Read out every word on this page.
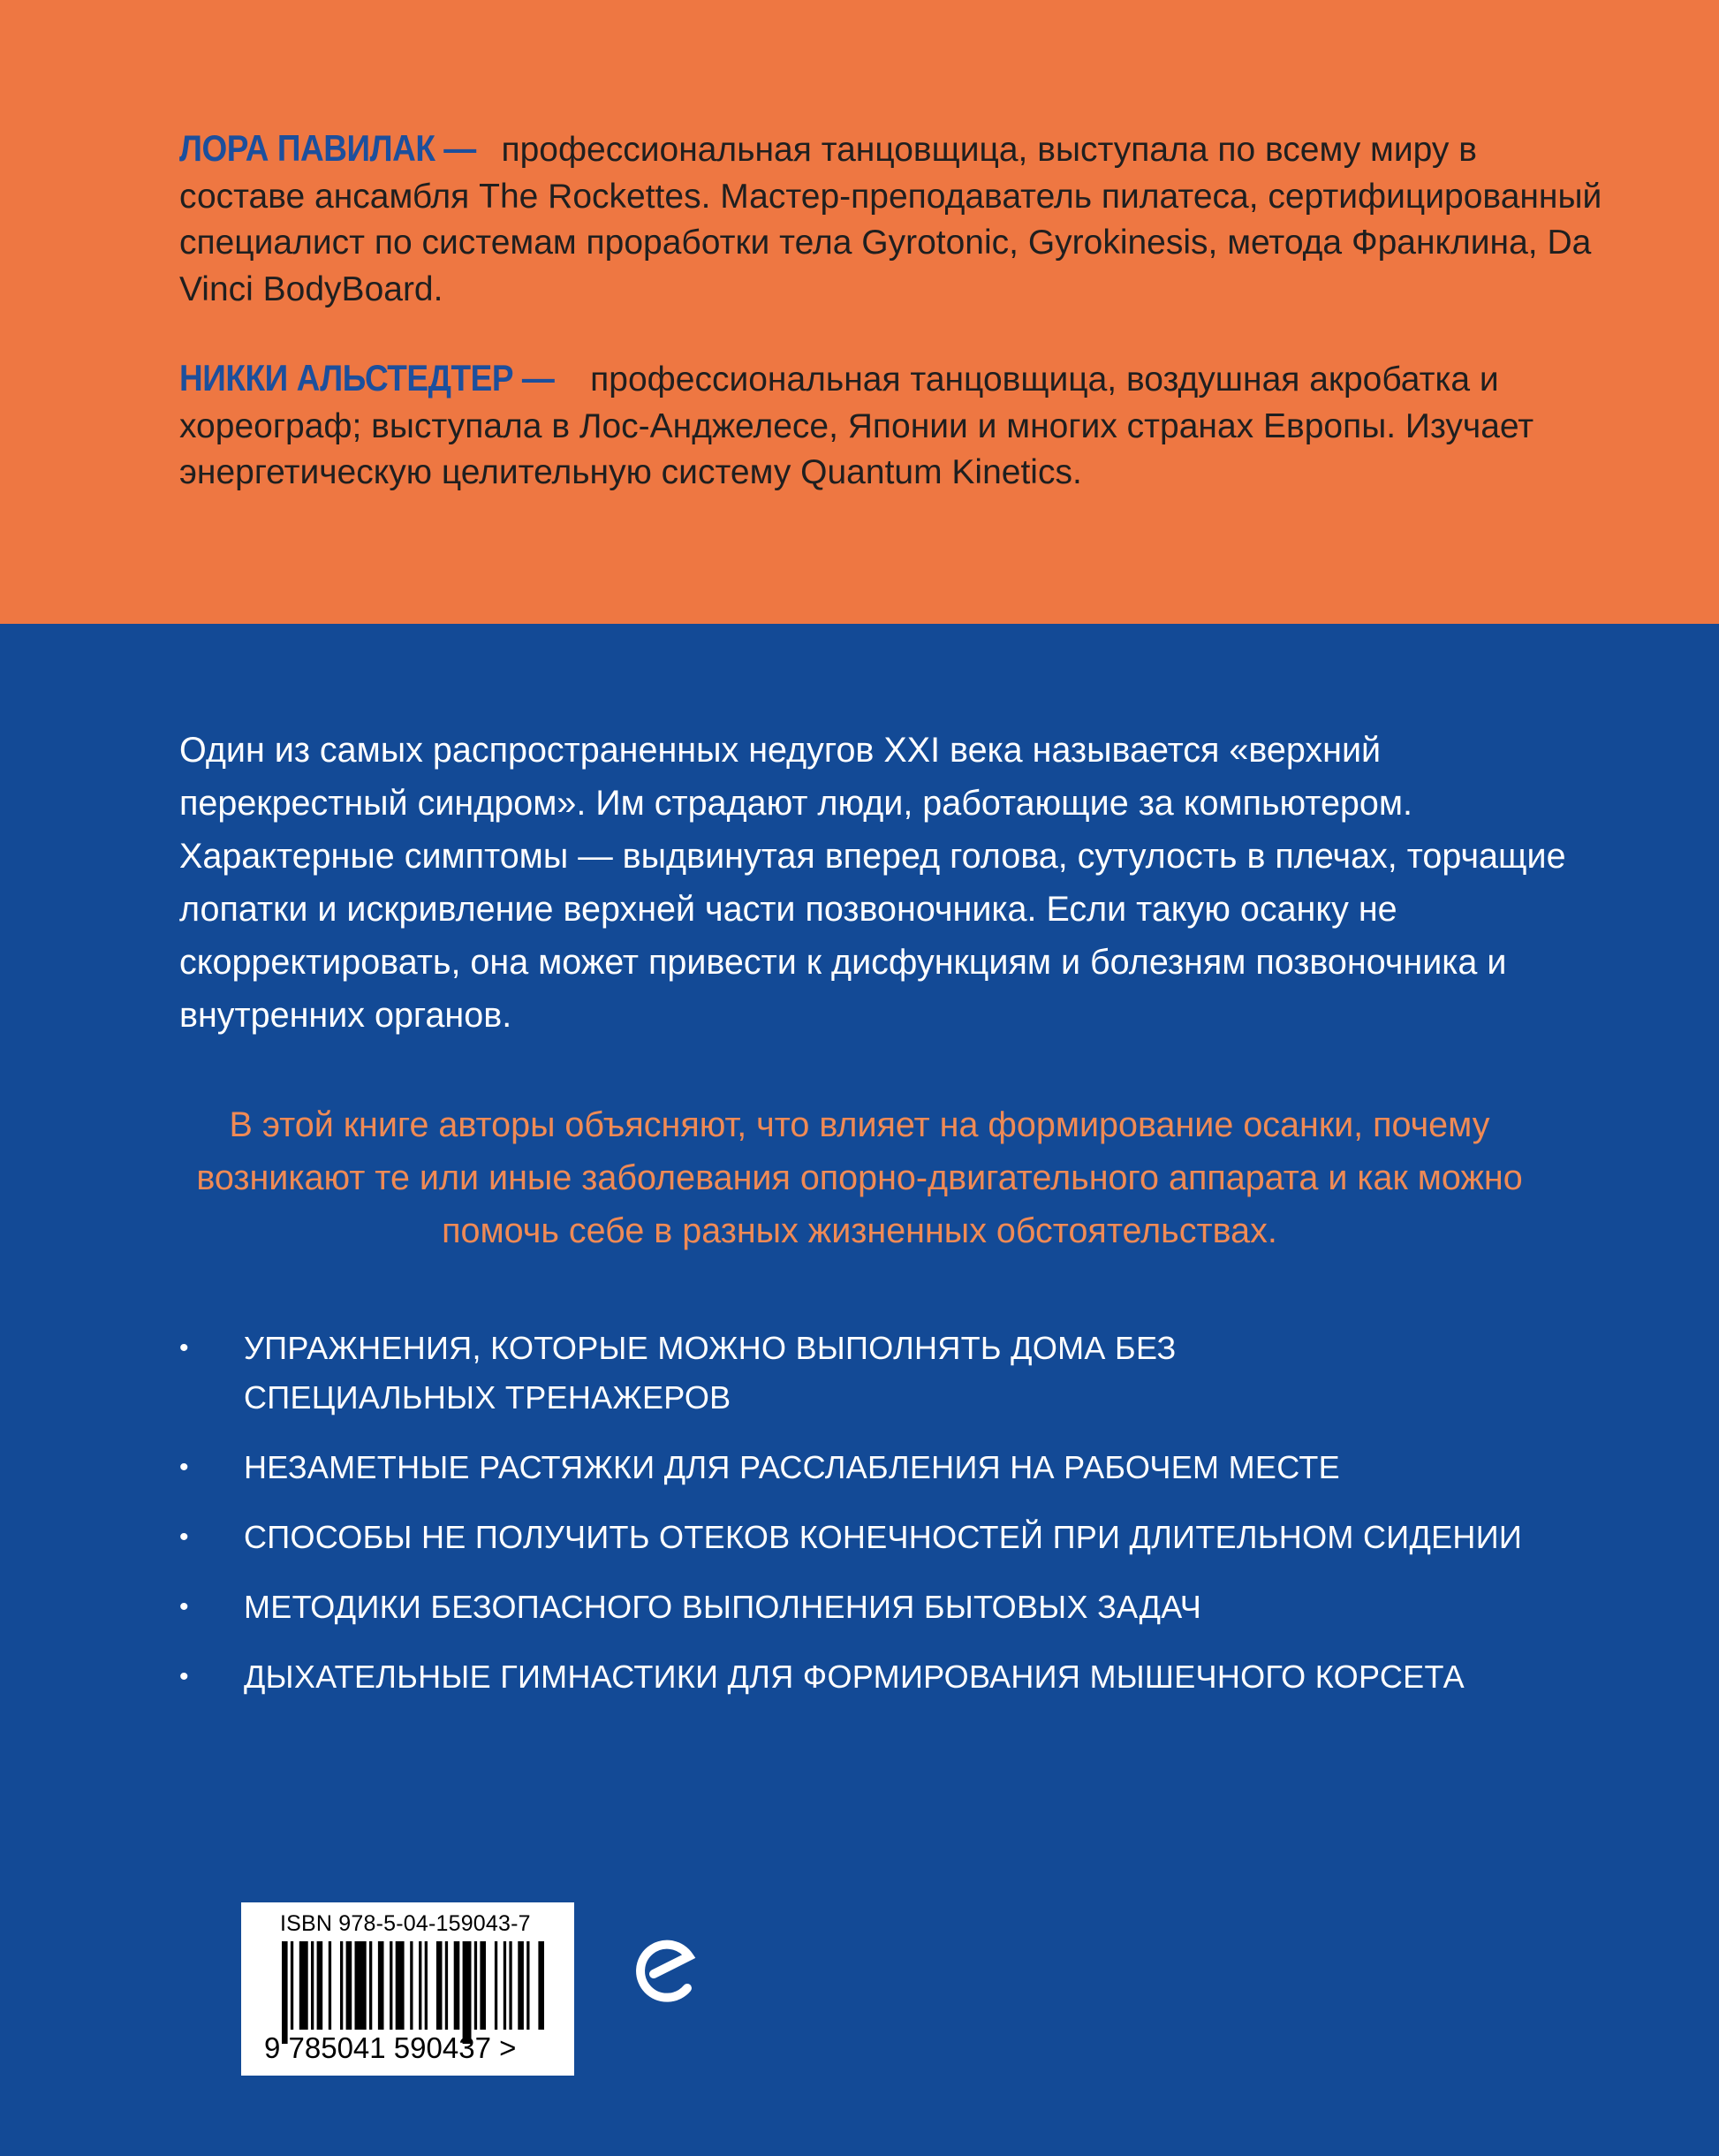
ЛОРА ПАВИЛАК — профессиональная танцовщица, выступала по всему миру в составе ансамбля The Rockettes. Мастер-преподаватель пилатеса, сертифицированный специалист по системам проработки тела Gyrotonic, Gyrokinesis, метода Франклина, Da Vinci BodyBoard.

НИККИ АЛЬСТЕДТЕР — профессиональная танцовщица, воздушная акробатка и хореограф; выступала в Лос-Анджелесе, Японии и многих странах Европы. Изучает энергетическую целительную систему Quantum Kinetics.

Один из самых распространенных недугов XXI века называется «верхний перекрестный синдром». Им страдают люди, работающие за компьютером. Характерные симптомы — выдвинутая вперед голова, сутулость в плечах, торчащие лопатки и искривление верхней части позвоночника. Если такую осанку не скорректировать, она может привести к дисфункциям и болезням позвоночника и внутренних органов.

В этой книге авторы объясняют, что влияет на формирование осанки, почему возникают те или иные заболевания опорно-двигательного аппарата и как можно помочь себе в разных жизненных обстоятельствах.

• УПРАЖНЕНИЯ, КОТОРЫЕ МОЖНО ВЫПОЛНЯТЬ ДОМА БЕЗ СПЕЦИАЛЬНЫХ ТРЕНАЖЕРОВ
• НЕЗАМЕТНЫЕ РАСТЯЖКИ ДЛЯ РАССЛАБЛЕНИЯ НА РАБОЧЕМ МЕСТЕ
• СПОСОБЫ НЕ ПОЛУЧИТЬ ОТЕКОВ КОНЕЧНОСТЕЙ ПРИ ДЛИТЕЛЬНОМ СИДЕНИИ
• МЕТОДИКИ БЕЗОПАСНОГО ВЫПОЛНЕНИЯ БЫТОВЫХ ЗАДАЧ
• ДЫХАТЕЛЬНЫЕ ГИМНАСТИКИ ДЛЯ ФОРМИРОВАНИЯ МЫШЕЧНОГО КОРСЕТА
ISBN 978-5-04-159043-7
9 785041 590437 >
